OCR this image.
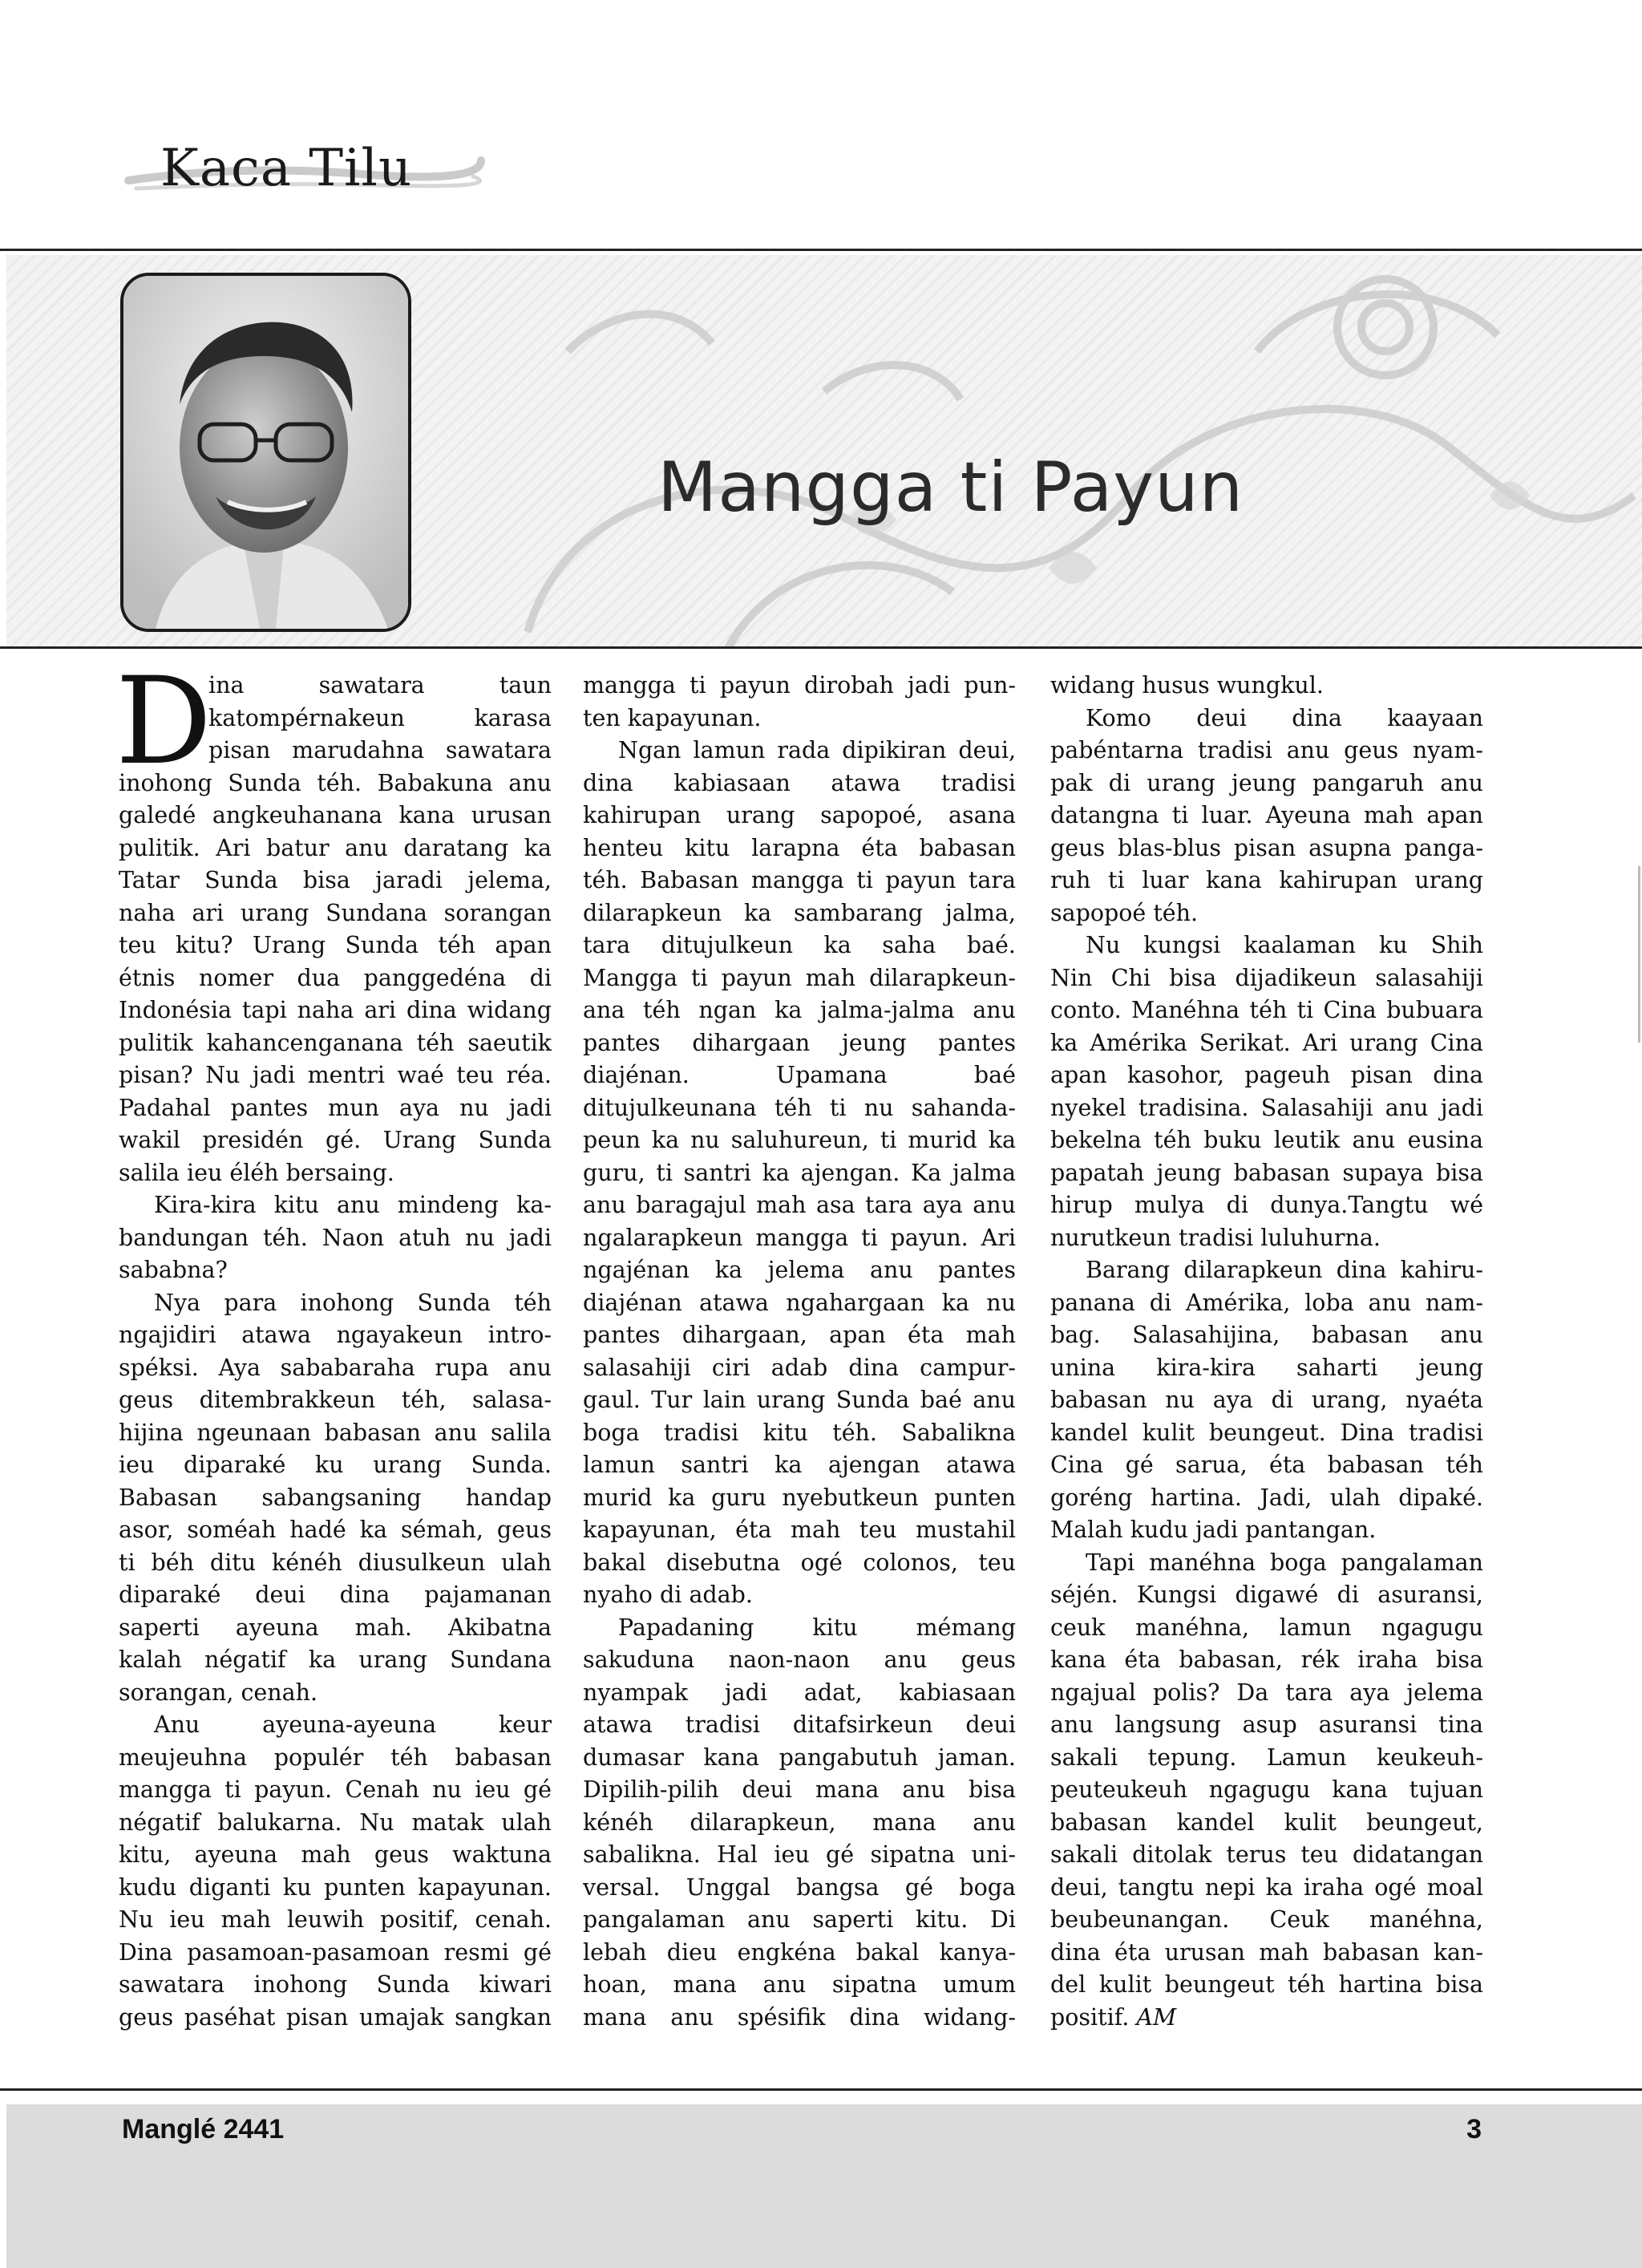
Kaca Tilu
Mangga ti Payun
D
ina sawatara taun
katompérnakeun karasa
pisan marudahna sawatara
inohong Sunda téh. Babakuna anu
galedé angkeuhanana kana urusan
pulitik. Ari batur anu daratang ka
Tatar Sunda bisa jaradi jelema,
naha ari urang Sundana sorangan
teu kitu? Urang Sunda téh apan
étnis nomer dua panggedéna di
Indonésia tapi naha ari dina widang
pulitik kahancenganana téh saeutik
pisan? Nu jadi mentri waé teu réa.
Padahal pantes mun aya nu jadi
wakil presidén gé. Urang Sunda
salila ieu éléh bersaing.
Kira-kira kitu anu mindeng ka-
bandungan téh. Naon atuh nu jadi
sababna?
Nya para inohong Sunda téh
ngajidiri atawa ngayakeun intro-
spéksi. Aya sababaraha rupa anu
geus ditembrakkeun téh, salasa-
hijina ngeunaan babasan anu salila
ieu diparaké ku urang Sunda.
Babasan sabangsaning handap
asor, soméah hadé ka sémah, geus
ti béh ditu kénéh diusulkeun ulah
diparaké deui dina pajamanan
saperti ayeuna mah. Akibatna
kalah négatif ka urang Sundana
sorangan, cenah.
Anu ayeuna-ayeuna keur
meujeuhna populér téh babasan
mangga ti payun. Cenah nu ieu gé
négatif balukarna. Nu matak ulah
kitu, ayeuna mah geus waktuna
kudu diganti ku punten kapayunan.
Nu ieu mah leuwih positif, cenah.
Dina pasamoan-pasamoan resmi gé
sawatara inohong Sunda kiwari
geus paséhat pisan umajak sangkan
mangga ti payun dirobah jadi pun-
ten kapayunan.
Ngan lamun rada dipikiran deui,
dina kabiasaan atawa tradisi
kahirupan urang sapopoé, asana
henteu kitu larapna éta babasan
téh. Babasan mangga ti payun tara
dilarapkeun ka sambarang jalma,
tara ditujulkeun ka saha baé.
Mangga ti payun mah dilarapkeun-
ana téh ngan ka jalma-jalma anu
pantes dihargaan jeung pantes
diajénan. Upamana baé
ditujulkeunana téh ti nu sahanda-
peun ka nu saluhureun, ti murid ka
guru, ti santri ka ajengan. Ka jalma
anu baragajul mah asa tara aya anu
ngalarapkeun mangga ti payun. Ari
ngajénan ka jelema anu pantes
diajénan atawa ngahargaan ka nu
pantes dihargaan, apan éta mah
salasahiji ciri adab dina campur-
gaul. Tur lain urang Sunda baé anu
boga tradisi kitu téh. Sabalikna
lamun santri ka ajengan atawa
murid ka guru nyebutkeun punten
kapayunan, éta mah teu mustahil
bakal disebutna ogé colonos, teu
nyaho di adab.
Papadaning kitu mémang
sakuduna naon-naon anu geus
nyampak jadi adat, kabiasaan
atawa tradisi ditafsirkeun deui
dumasar kana pangabutuh jaman.
Dipilih-pilih deui mana anu bisa
kénéh dilarapkeun, mana anu
sabalikna. Hal ieu gé sipatna uni-
versal. Unggal bangsa gé boga
pangalaman anu saperti kitu. Di
lebah dieu engkéna bakal kanya-
hoan, mana anu sipatna umum
mana anu spésifik dina widang-
widang husus wungkul.
Komo deui dina kaayaan
pabéntarna tradisi anu geus nyam-
pak di urang jeung pangaruh anu
datangna ti luar. Ayeuna mah apan
geus blas-blus pisan asupna panga-
ruh ti luar kana kahirupan urang
sapopoé téh.
Nu kungsi kaalaman ku Shih
Nin Chi bisa dijadikeun salasahiji
conto. Manéhna téh ti Cina bubuara
ka Amérika Serikat. Ari urang Cina
apan kasohor, pageuh pisan dina
nyekel tradisina. Salasahiji anu jadi
bekelna téh buku leutik anu eusina
papatah jeung babasan supaya bisa
hirup mulya di dunya.Tangtu wé
nurutkeun tradisi luluhurna.
Barang dilarapkeun dina kahiru-
panana di Amérika, loba anu nam-
bag. Salasahijina, babasan anu
unina kira-kira saharti jeung
babasan nu aya di urang, nyaéta
kandel kulit beungeut. Dina tradisi
Cina gé sarua, éta babasan téh
goréng hartina. Jadi, ulah dipaké.
Malah kudu jadi pantangan.
Tapi manéhna boga pangalaman
séjén. Kungsi digawé di asuransi,
ceuk manéhna, lamun ngagugu
kana éta babasan, rék iraha bisa
ngajual polis? Da tara aya jelema
anu langsung asup asuransi tina
sakali tepung. Lamun keukeuh-
peuteukeuh ngagugu kana tujuan
babasan kandel kulit beungeut,
sakali ditolak terus teu didatangan
deui, tangtu nepi ka iraha ogé moal
beubeunangan. Ceuk manéhna,
dina éta urusan mah babasan kan-
del kulit beungeut téh hartina bisa
positif. AM
Manglé 2441	3
